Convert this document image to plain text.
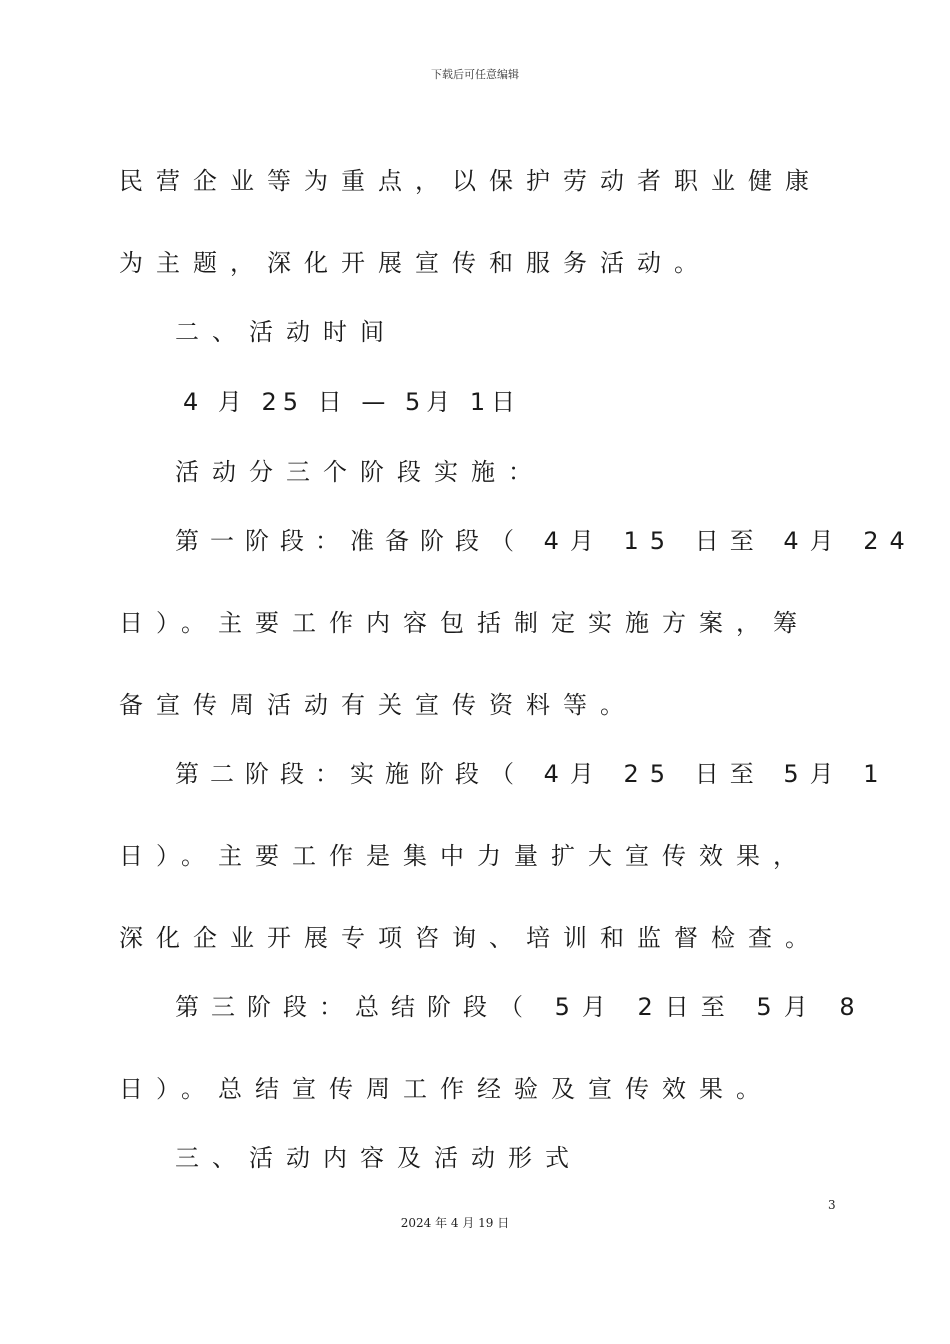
下载后可任意编辑
民营企业等为重点，以保护劳动者职业健康
为主题，深化开展宣传和服务活动。
二、活动时间
4 月 25 日 — 5月 1日
活动分三个阶段实施：
第一阶段：准备阶段（ 4月 15 日至 4月 24
日）。主要工作内容包括制定实施方案，筹
备宣传周活动有关宣传资料等。
第二阶段：实施阶段（ 4月 25 日至 5月 1
日）。主要工作是集中力量扩大宣传效果，
深化企业开展专项咨询、培训和监督检查。
第三阶段：总结阶段（ 5月 2日至 5月 8
日）。总结宣传周工作经验及宣传效果。
三、活动内容及活动形式
3
2024 年 4 月 19 日
